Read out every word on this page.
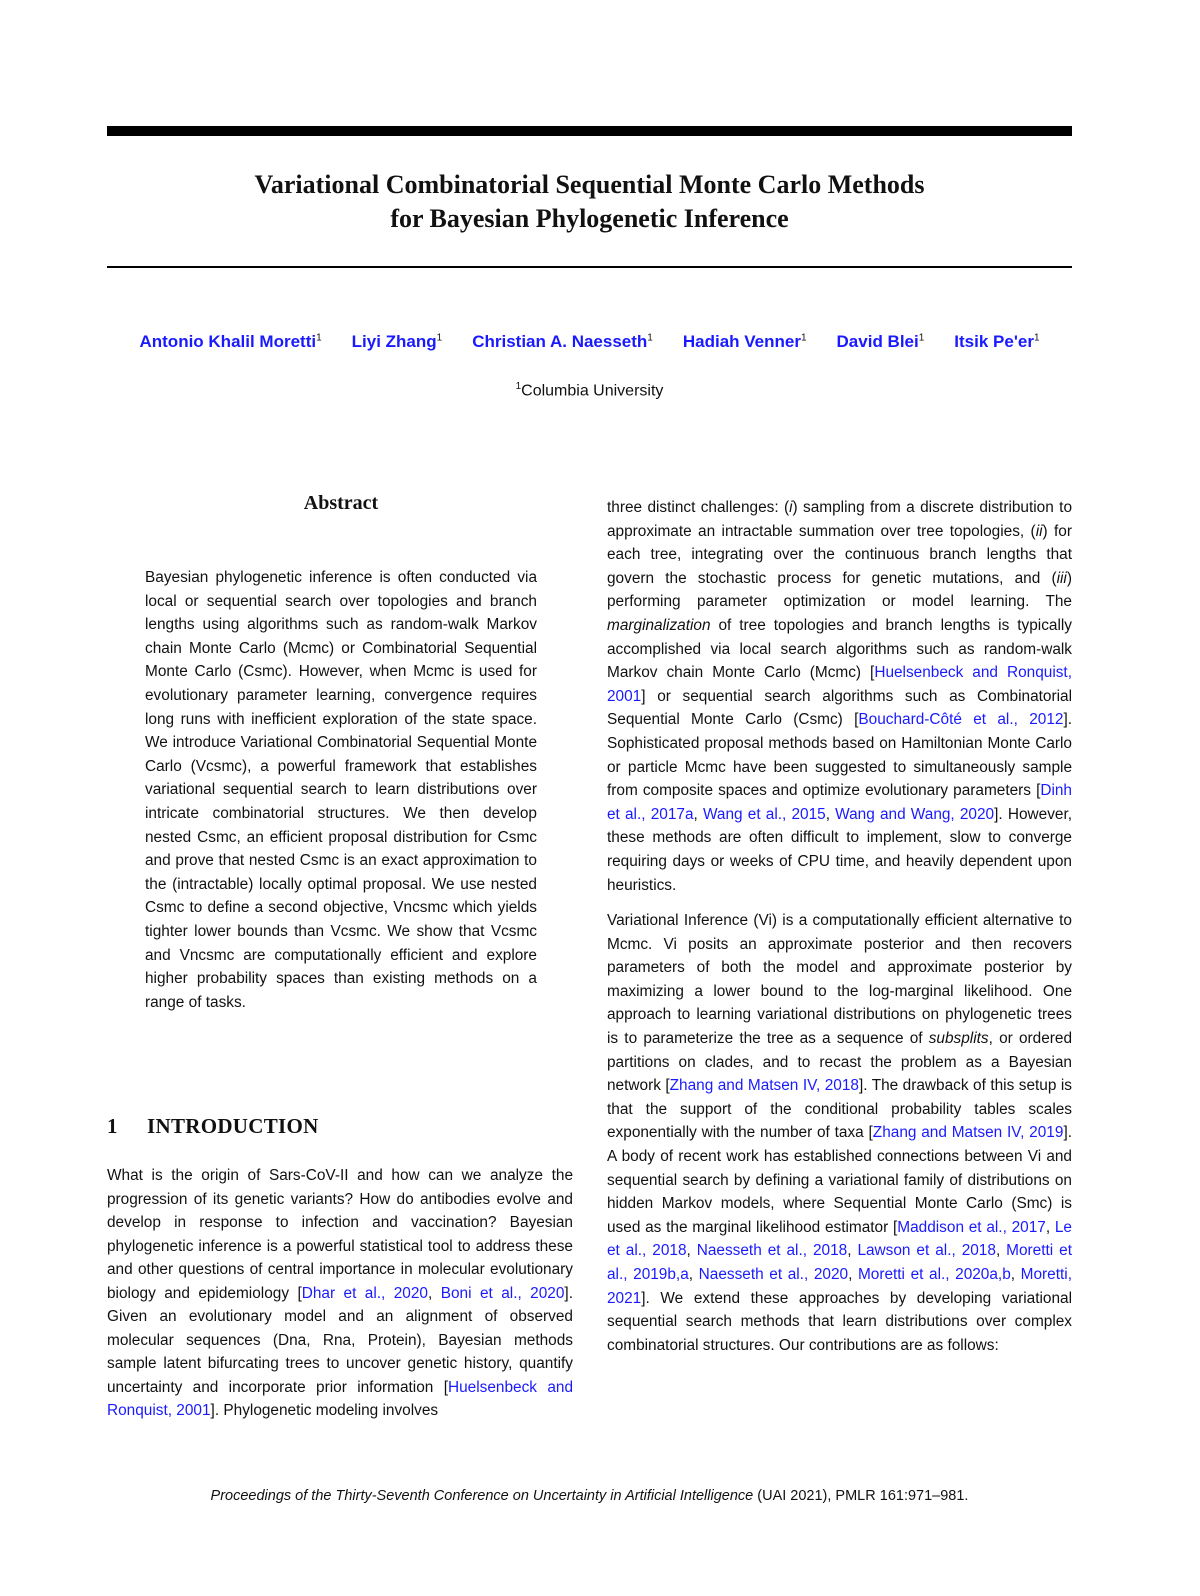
Variational Combinatorial Sequential Monte Carlo Methods
for Bayesian Phylogenetic Inference
Antonio Khalil Moretti$^1$ Liyi Zhang$^1$ Christian A. Naesseth$^1$ Hadiah Venner$^1$ David Blei$^1$ Itsik $Pe'er^1$
$^1$Columbia University
Abstract

Bayesian phylogenetic inference is often conducted via local or sequential search over topologies and branch lengths using algorithms such as random-walk Markov chain Monte Carlo (Mcmc) or Combinatorial Sequential Monte Carlo (Csmc). However, when Mcmc is used for evolutionary parameter learning, convergence requires long runs with inefficient exploration of the state space. We introduce Variational Combinatorial Sequential Monte Carlo (Vcsmc), a powerful framework that establishes variational sequential search to learn distributions over intricate combinatorial structures. We then develop nested Csmc, an efficient proposal distribution for Csmc and prove that nested Csmc is an exact approximation to the (intractable) locally optimal proposal. We use nested Csmc to define a second objective, Vncsmc which yields tighter lower bounds than Vcsmc. We show that Vcsmc and Vncsmc are computationally efficient and explore higher probability spaces than existing methods on a range of tasks.

1 INTRODUCTION

What is the origin of Sars-CoV-II and how can we analyze the progression of its genetic variants? How do antibodies evolve and develop in response to infection and vaccination? Bayesian phylogenetic inference is a powerful statistical tool to address these and other questions of central importance in molecular evolutionary biology and epidemiology [Dhar et al., 2020, Boni et al., 2020]. Given an evolutionary model and an alignment of observed molecular sequences (Dna, Rna, Protein), Bayesian methods sample latent bifurcating trees to uncover genetic history, quantify uncertainty and incorporate prior information [Huelsenbeck and Ronquist, 2001]. Phylogenetic modeling involves

three distinct challenges: (i) sampling from a discrete distribution to approximate an intractable summation over tree topologies, (ii) for each tree, integrating over the continuous branch lengths that govern the stochastic process for genetic mutations, and (iii) performing parameter optimization or model learning. The marginalization of tree topologies and branch lengths is typically accomplished via local search algorithms such as random-walk Markov chain Monte Carlo (Mcmc) [Huelsenbeck and Ronquist, 2001] or sequential search algorithms such as Combinatorial Sequential Monte Carlo (Csmc) [Bouchard-Côté et al., 2012]. Sophisticated proposal methods based on Hamiltonian Monte Carlo or particle Mcmc have been suggested to simultaneously sample from composite spaces and optimize evolutionary parameters [Dinh et al., 2017a, Wang et al., 2015, Wang and Wang, 2020]. However, these methods are often difficult to implement, slow to converge requiring days or weeks of CPU time, and heavily dependent upon heuristics.

Variational Inference (Vi) is a computationally efficient alternative to Mcmc. Vi posits an approximate posterior and then recovers parameters of both the model and approximate posterior by maximizing a lower bound to the log-marginal likelihood. One approach to learning variational distributions on phylogenetic trees is to parameterize the tree as a sequence of subsplits, or ordered partitions on clades, and to recast the problem as a Bayesian network [Zhang and Matsen IV, 2018]. The drawback of this setup is that the support of the conditional probability tables scales exponentially with the number of taxa [Zhang and Matsen IV, 2019]. A body of recent work has established connections between Vi and sequential search by defining a variational family of distributions on hidden Markov models, where Sequential Monte Carlo (Smc) is used as the marginal likelihood estimator [Maddison et al., 2017, Le et al., 2018, Naesseth et al., 2018, Lawson et al., 2018, Moretti et al., 2019b,a, Naesseth et al., 2020, Moretti et al., 2020a,b, Moretti, 2021]. We extend these approaches by developing variational sequential search methods that learn distributions over complex combinatorial structures. Our contributions are as follows:

Proceedings of the Thirty-Seventh Conference on Uncertainty in Artificial Intelligence (UAI 2021), PMLR 161:971–981.
